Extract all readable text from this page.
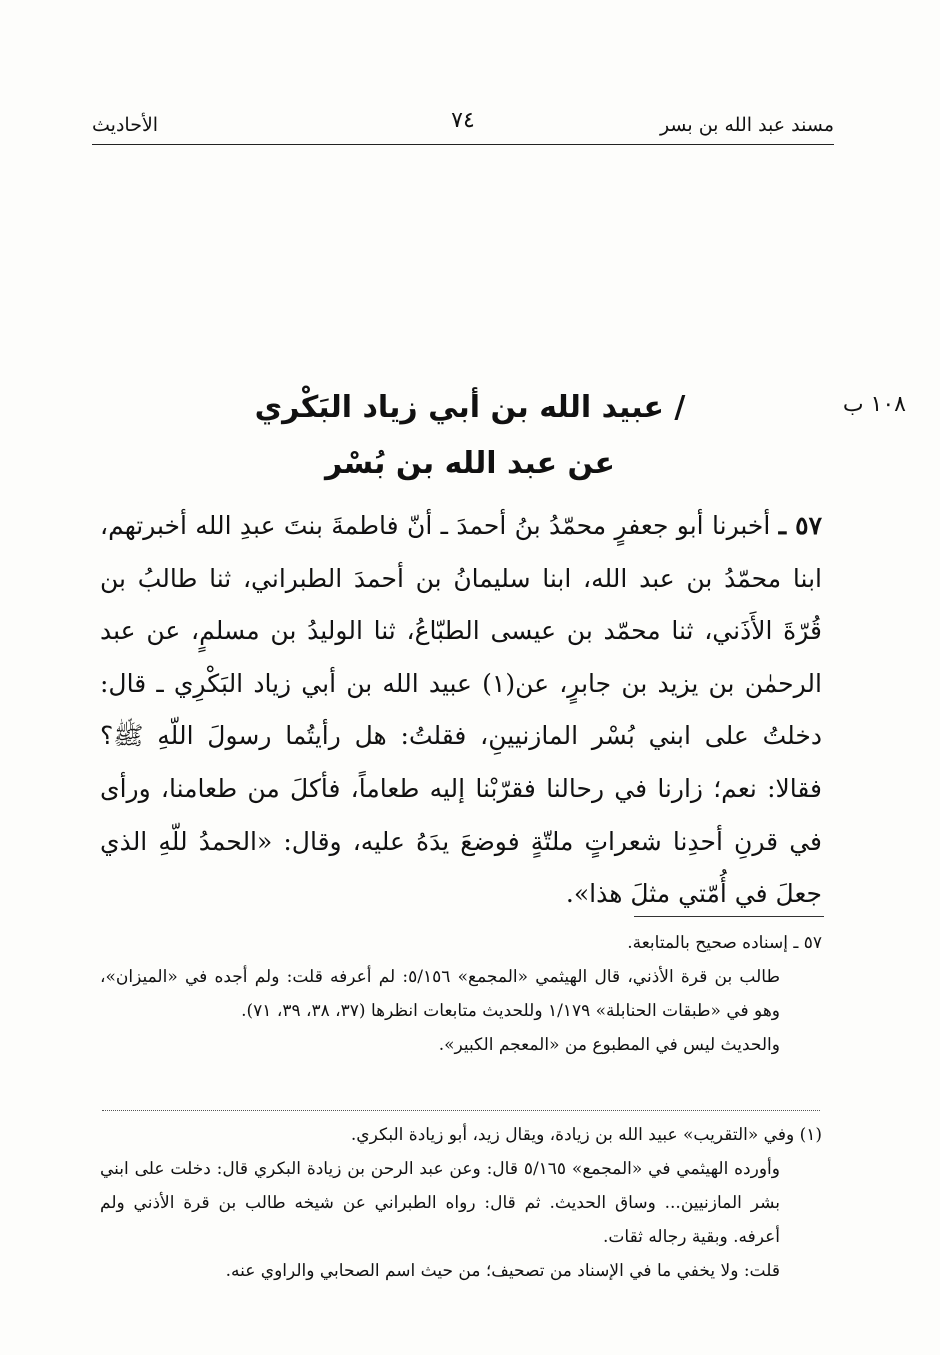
مسند عبد الله بن بسر
٧٤
الأحاديث
١٠٨ ب
/ عبيد الله بن أبي زياد البَكْري
عن عبد الله بن بُسْر
٥٧ ـ أخبرنا أبو جعفرٍ محمّدُ بنُ أحمدَ ـ أنّ فاطمةَ بنتَ عبدِ الله أخبرتهم، ابنا محمّدُ بن عبد الله، ابنا سليمانُ بن أحمدَ الطبراني، ثنا طالبُ بن قُرّةَ الأَذَني، ثنا محمّد بن عيسى الطبّاعُ، ثنا الوليدُ بن مسلمٍ، عن عبد الرحمٰن بن يزيد بن جابرٍ، عن(١) عبيد الله بن أبي زياد البَكْرِي ـ قال: دخلتُ على ابني بُسْر المازنيينِ، فقلتُ: هل رأيتُما رسولَ اللّهِ ﷺ؟ فقالا: نعم؛ زارنا في رحالنا فقرّبْنا إليه طعاماً، فأكلَ من طعامنا، ورأى في قرنِ أحدِنا شعراتٍ ملتّةٍ فوضعَ يدَهُ عليه، وقال: «الحمدُ للّهِ الذي جعلَ في أُمّتي مثلَ هذا».

٥٧ ـ إسناده صحيح بالمتابعة.

طالب بن قرة الأذني، قال الهيثمي «المجمع» ٥/١٥٦: لم أعرفه قلت: ولم أجده في «الميزان»، وهو في «طبقات الحنابلة» ١/١٧٩ وللحديث متابعات انظرها (٣٧، ٣٨، ٣٩، ٧١).

والحديث ليس في المطبوع من «المعجم الكبير».

(١) وفي «التقريب» عبيد الله بن زيادة، ويقال زيد، أبو زيادة البكري.

وأورده الهيثمي في «المجمع» ٥/١٦٥ قال: وعن عبد الرحن بن زيادة البكري قال: دخلت على ابني بشر المازنيين... وساق الحديث. ثم قال: رواه الطبراني عن شيخه طالب بن قرة الأذني ولم أعرفه. وبقية رجاله ثقات.

قلت: ولا يخفي ما في الإسناد من تصحيف؛ من حيث اسم الصحابي والراوي عنه.
